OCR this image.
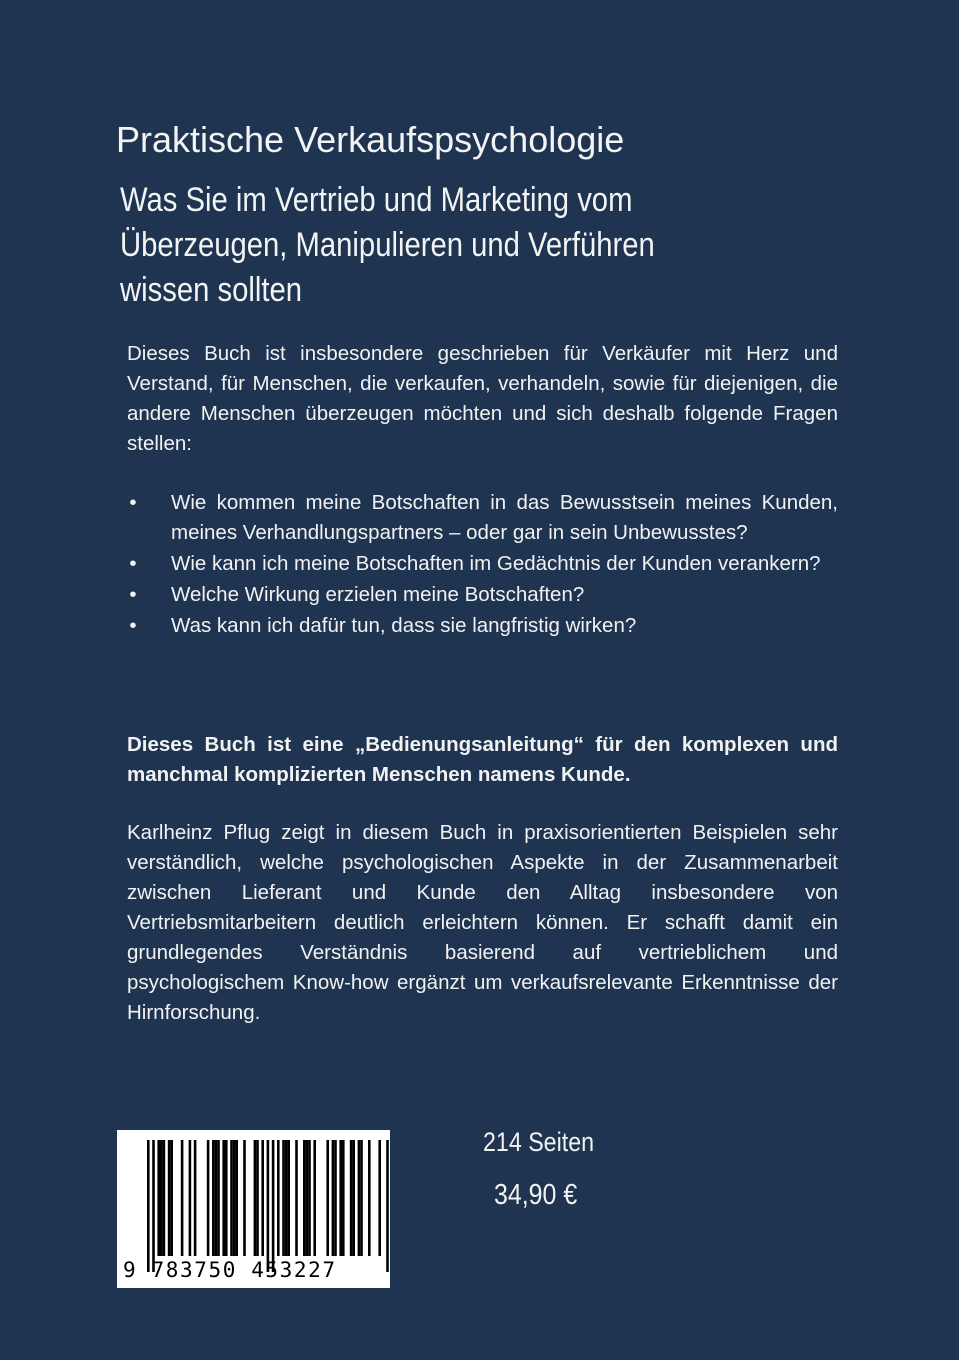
Praktische Verkaufspsychologie
Was Sie im Vertrieb und Marketing vom
Überzeugen, Manipulieren und Verführen
wissen sollten

Dieses Buch ist insbesondere geschrieben für Verkäufer mit Herz und Verstand, für Menschen, die verkaufen, verhandeln, sowie für diejenigen, die andere Menschen überzeugen möchten und sich deshalb folgende Fragen stellen:

• Wie kommen meine Botschaften in das Bewusstsein meines Kunden, meines Verhandlungspartners – oder gar in sein Unbewusstes?
• Wie kann ich meine Botschaften im Gedächtnis der Kunden verankern?
• Welche Wirkung erzielen meine Botschaften?
• Was kann ich dafür tun, dass sie langfristig wirken?

Dieses Buch ist eine „Bedienungsanleitung“ für den komplexen und manchmal komplizierten Menschen namens Kunde.

Karlheinz Pflug zeigt in diesem Buch in praxisorientierten Beispielen sehr verständlich, welche psychologischen Aspekte in der Zusammenarbeit zwischen Lieferant und Kunde den Alltag insbesondere von Vertriebsmitarbeitern deutlich erleichtern können. Er schafft damit ein grundlegendes Verständnis basierend auf vertrieblichem und psychologischem Know-how ergänzt um verkaufsrelevante Erkenntnisse der Hirnforschung.

9 783750 453227
214 Seiten
34,90 €
